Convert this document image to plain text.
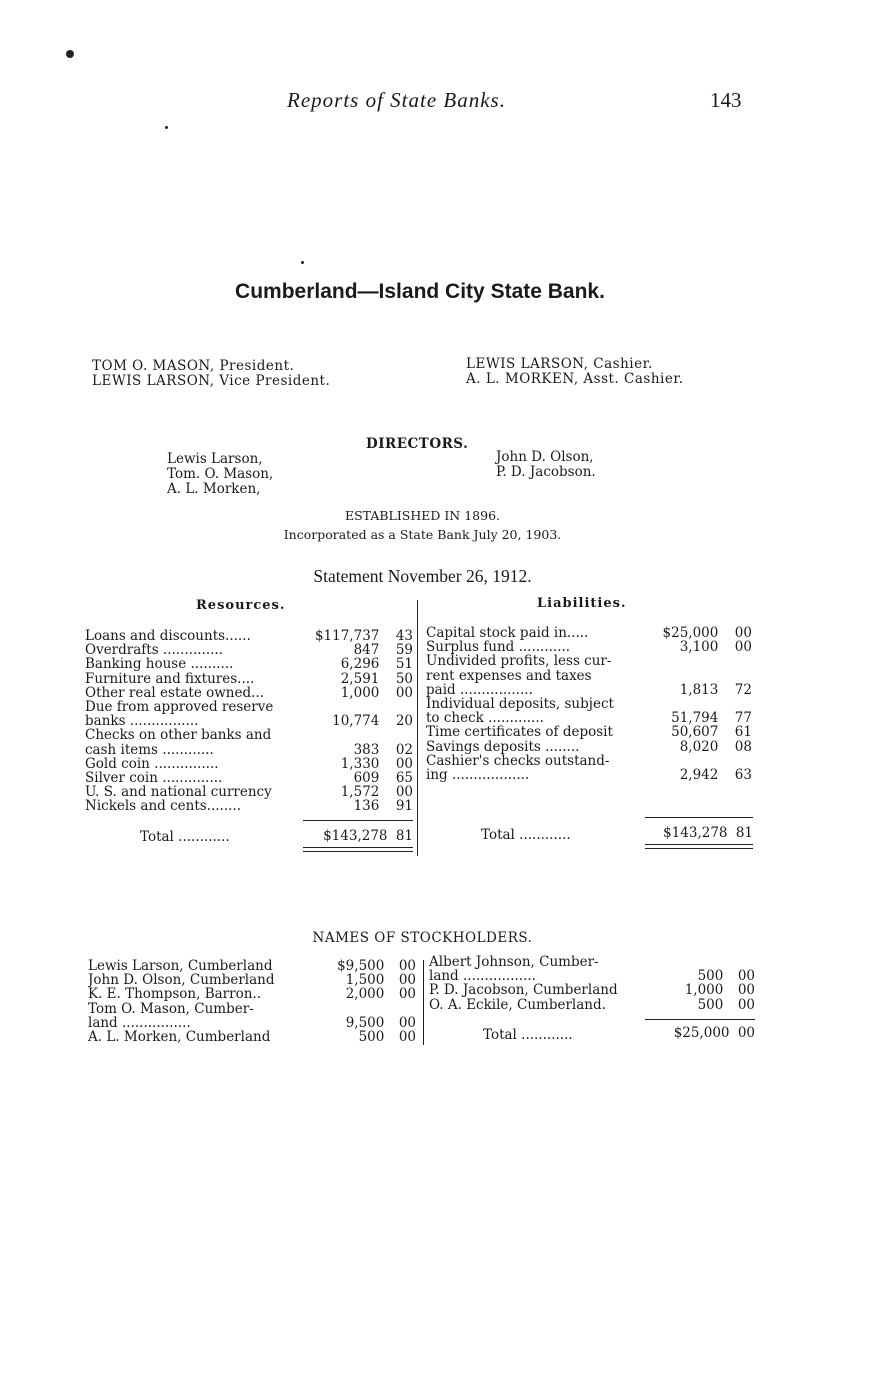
Reports of State Banks.	143
Cumberland—Island City State Bank.
TOM O. MASON, President.
LEWIS LARSON, Vice President.
LEWIS LARSON, Cashier.
A. L. MORKEN, Asst. Cashier.
DIRECTORS.
Lewis Larson,
Tom. O. Mason,
A. L. Morken,
John D. Olson,
P. D. Jacobson.
ESTABLISHED IN 1896.
Incorporated as a State Bank July 20, 1903.
Statement November 26, 1912.
Resources.	Liabilities.
Loans and discounts......	$117,737	43
Overdrafts ..............	847	59
Banking house ..........	6,296	51
Furniture and fixtures....	2,591	50
Other real estate owned...	1,000	00
Due from approved reserve
banks ................	10,774	20
Checks on other banks and
cash items ............	383	02
Gold coin ...............	1,330	00
Silver coin ..............	609	65
U. S. and national currency	1,572	00
Nickels and cents........	136	91
Capital stock paid in.....	$25,000	00
Surplus fund ............	3,100	00
Undivided profits, less cur-
rent expenses and taxes
paid .................	1,813	72
Individual deposits, subject
to check .............	51,794	77
Time certificates of deposit	50,607	61
Savings deposits ........	8,020	08
Cashier's checks outstand-
ing ..................	2,942	63
Total ............	$143,278 81	Total ............	$143,278 81
NAMES OF STOCKHOLDERS.
Lewis Larson, Cumberland	$9,500	00
John D. Olson, Cumberland	1,500	00
K. E. Thompson, Barron..	2,000	00
Tom O. Mason, Cumber-
land ................	9,500	00
A. L. Morken, Cumberland	500	00
Albert Johnson, Cumber-
land .................	500	00
P. D. Jacobson, Cumberland	1,000	00
O. A. Eckile, Cumberland.	500	00
Total ............	$25,000 00
